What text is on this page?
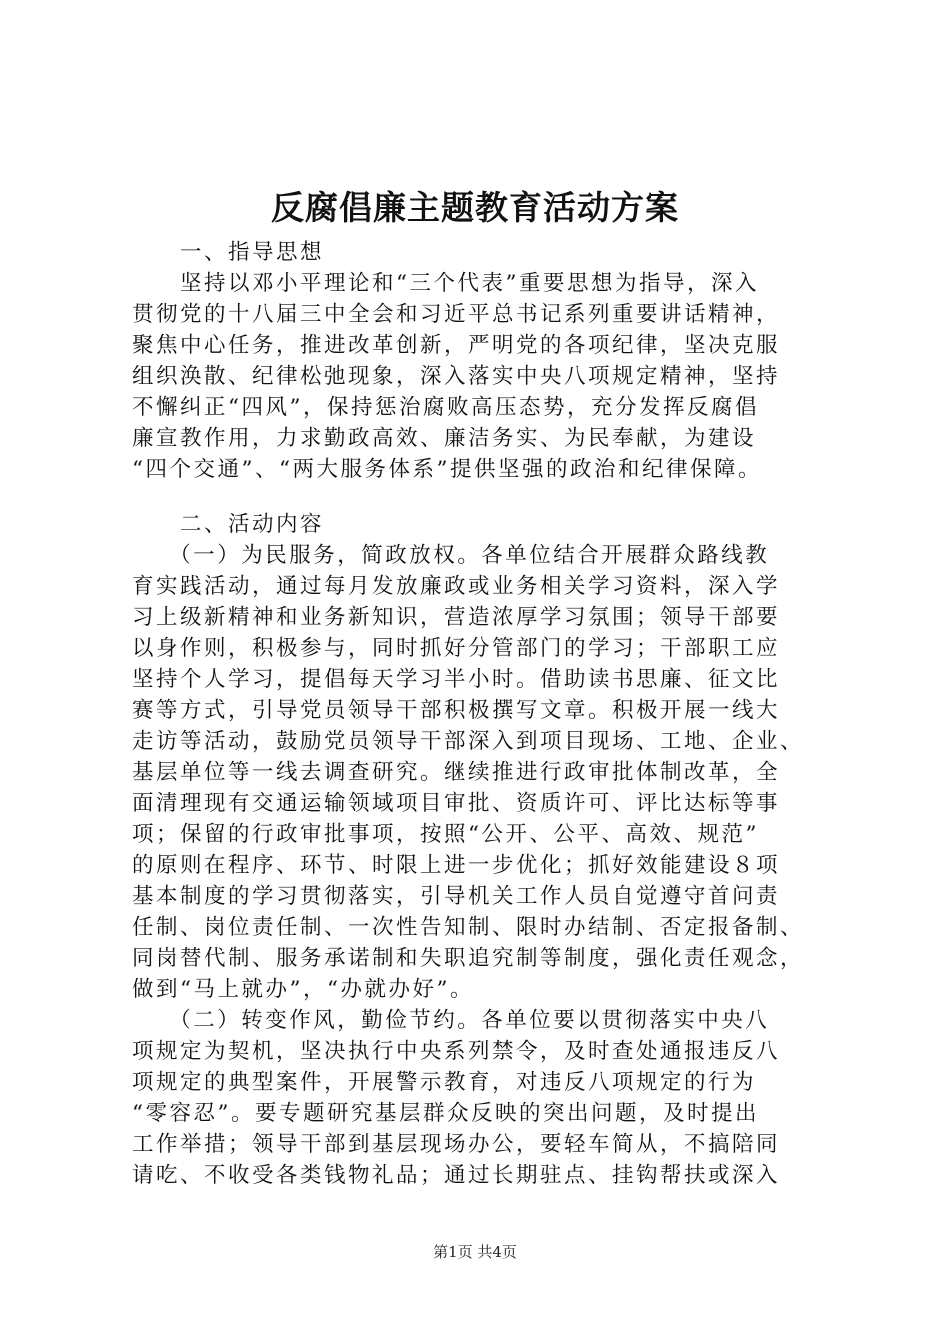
反腐倡廉主题教育活动方案
　　一、指导思想
　　坚持以邓小平理论和“三个代表”重要思想为指导，深入
贯彻党的十八届三中全会和习近平总书记系列重要讲话精神，
聚焦中心任务，推进改革创新，严明党的各项纪律，坚决克服
组织涣散、纪律松弛现象，深入落实中央八项规定精神，坚持
不懈纠正“四风”，保持惩治腐败高压态势，充分发挥反腐倡
廉宣教作用，力求勤政高效、廉洁务实、为民奉献，为建设
“四个交通”、“两大服务体系”提供坚强的政治和纪律保障。
　　二、活动内容
　　（一）为民服务，简政放权。各单位结合开展群众路线教
育实践活动，通过每月发放廉政或业务相关学习资料，深入学
习上级新精神和业务新知识，营造浓厚学习氛围；领导干部要
以身作则，积极参与，同时抓好分管部门的学习；干部职工应
坚持个人学习，提倡每天学习半小时。借助读书思廉、征文比
赛等方式，引导党员领导干部积极撰写文章。积极开展一线大
走访等活动，鼓励党员领导干部深入到项目现场、工地、企业、
基层单位等一线去调查研究。继续推进行政审批体制改革，全
面清理现有交通运输领域项目审批、资质许可、评比达标等事
项；保留的行政审批事项，按照“公开、公平、高效、规范”
的原则在程序、环节、时限上进一步优化；抓好效能建设８项
基本制度的学习贯彻落实，引导机关工作人员自觉遵守首问责
任制、岗位责任制、一次性告知制、限时办结制、否定报备制、
同岗替代制、服务承诺制和失职追究制等制度，强化责任观念，
做到“马上就办”，“办就办好”。
　　（二）转变作风，勤俭节约。各单位要以贯彻落实中央八
项规定为契机，坚决执行中央系列禁令，及时查处通报违反八
项规定的典型案件，开展警示教育，对违反八项规定的行为
“零容忍”。要专题研究基层群众反映的突出问题，及时提出
工作举措；领导干部到基层现场办公，要轻车简从，不搞陪同
请吃、不收受各类钱物礼品；通过长期驻点、挂钩帮扶或深入
第1页 共4页
